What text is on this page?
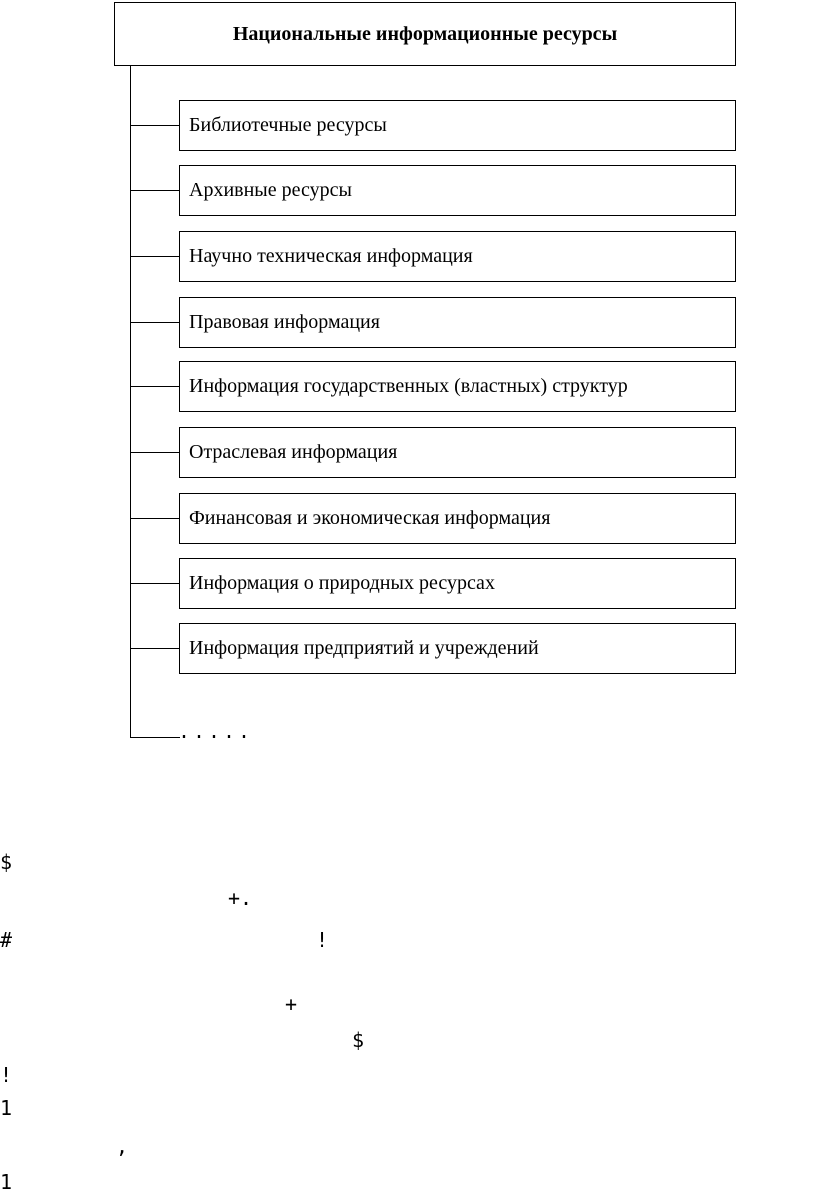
Национальные информационные ресурсы
Библиотечные ресурсы
Архивные ресурсы
Научно техническая информация
Правовая информация
Информация государственных (властных) структур
Отраслевая информация
Финансовая и экономическая информация
Информация о природных ресурсах
Информация предприятий и учреждений
.....
$
+.
#	!
+
$
!
1
,
1
